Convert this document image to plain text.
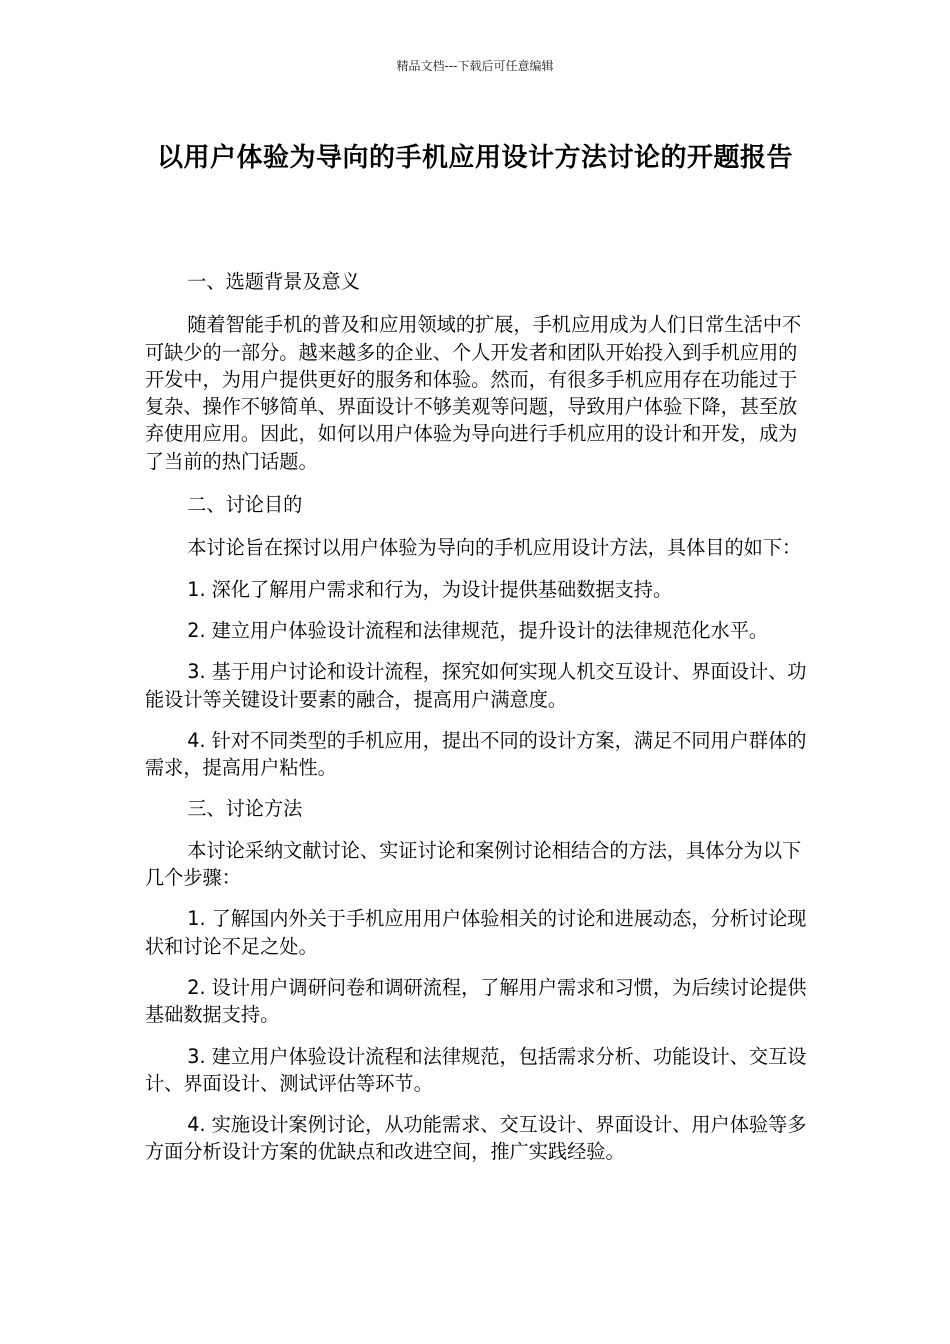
精品文档---下载后可任意编辑
以用户体验为导向的手机应用设计方法讨论的开题报告

一、选题背景及意义

随着智能手机的普及和应用领域的扩展，手机应用成为人们日常生活中不可缺少的一部分。越来越多的企业、个人开发者和团队开始投入到手机应用的开发中，为用户提供更好的服务和体验。然而，有很多手机应用存在功能过于复杂、操作不够简单、界面设计不够美观等问题，导致用户体验下降，甚至放弃使用应用。因此，如何以用户体验为导向进行手机应用的设计和开发，成为了当前的热门话题。

二、讨论目的

本讨论旨在探讨以用户体验为导向的手机应用设计方法，具体目的如下：

1. 深化了解用户需求和行为，为设计提供基础数据支持。

2. 建立用户体验设计流程和法律规范，提升设计的法律规范化水平。

3. 基于用户讨论和设计流程，探究如何实现人机交互设计、界面设计、功能设计等关键设计要素的融合，提高用户满意度。

4. 针对不同类型的手机应用，提出不同的设计方案，满足不同用户群体的需求，提高用户粘性。

三、讨论方法

本讨论采纳文献讨论、实证讨论和案例讨论相结合的方法，具体分为以下几个步骤：

1. 了解国内外关于手机应用用户体验相关的讨论和进展动态，分析讨论现状和讨论不足之处。

2. 设计用户调研问卷和调研流程，了解用户需求和习惯，为后续讨论提供基础数据支持。

3. 建立用户体验设计流程和法律规范，包括需求分析、功能设计、交互设计、界面设计、测试评估等环节。

4. 实施设计案例讨论，从功能需求、交互设计、界面设计、用户体验等多方面分析设计方案的优缺点和改进空间，推广实践经验。
